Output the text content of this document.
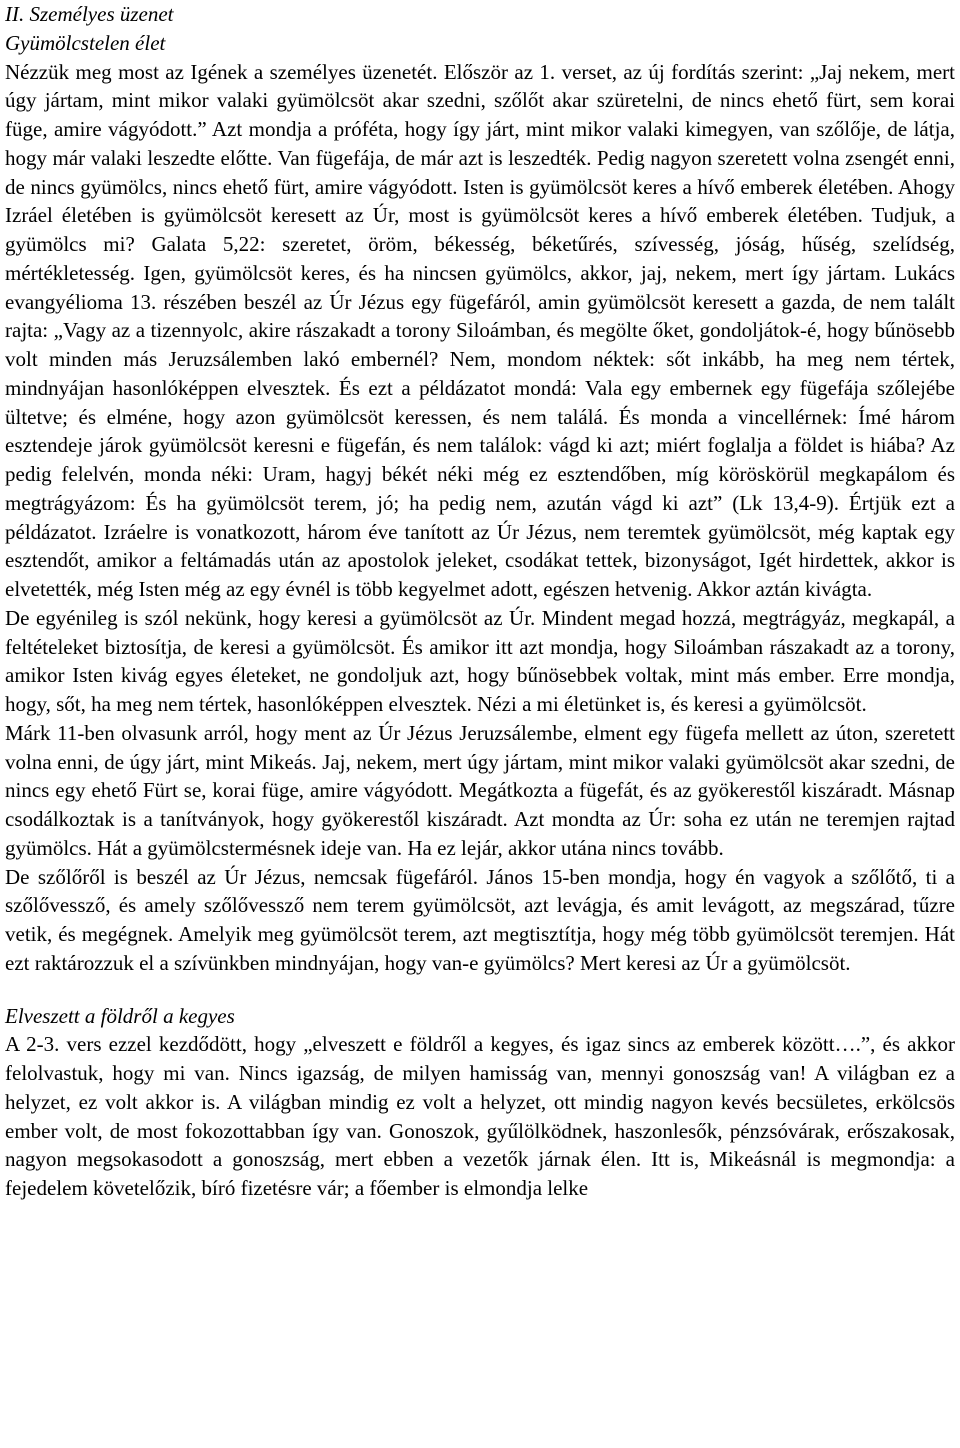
II. Személyes üzenet

Gyümölcstelen élet

Nézzük meg most az Igének a személyes üzenetét. Először az 1. verset, az új fordítás szerint: „Jaj nekem, mert úgy jártam, mint mikor valaki gyümölcsöt akar szedni, szőlőt akar szüretelni, de nincs ehető fürt, sem korai füge, amire vágyódott.” Azt mondja a próféta, hogy így járt, mint mikor valaki kimegyen, van szőlője, de látja, hogy már valaki leszedte előtte. Van fügefája, de már azt is leszedték. Pedig nagyon szeretett volna zsengét enni, de nincs gyümölcs, nincs ehető fürt, amire vágyódott. Isten is gyümölcsöt keres a hívő emberek életében. Ahogy Izráel életében is gyümölcsöt keresett az Úr, most is gyümölcsöt keres a hívő emberek életében. Tudjuk, a gyümölcs mi? Galata 5,22: szeretet, öröm, békesség, béketűrés, szívesség, jóság, hűség, szelídség, mértékletesség. Igen, gyümölcsöt keres, és ha nincsen gyümölcs, akkor, jaj, nekem, mert így jártam. Lukács evangyélioma 13. részében beszél az Úr Jézus egy fügefáról, amin gyümölcsöt keresett a gazda, de nem talált rajta: „Vagy az a tizennyolc, akire rászakadt a torony Siloámban, és megölte őket, gondoljátok-é, hogy bűnösebb volt minden más Jeruzsálemben lakó embernél? Nem, mondom néktek: sőt inkább, ha meg nem tértek, mindnyájan hasonlóképpen elvesztek. És ezt a példázatot mondá: Vala egy embernek egy fügefája szőlejébe ültetve; és elméne, hogy azon gyümölcsöt keressen, és nem találá. És monda a vincellérnek: Ímé három esztendeje járok gyümölcsöt keresni e fügefán, és nem találok: vágd ki azt; miért foglalja a földet is hiába? Az pedig felelvén, monda néki: Uram, hagyj békét néki még ez esztendőben, míg köröskörül megkapálom és megtrágyázom: És ha gyümölcsöt terem, jó; ha pedig nem, azután vágd ki azt” (Lk 13,4-9). Értjük ezt a példázatot. Izráelre is vonatkozott, három éve tanított az Úr Jézus, nem teremtek gyümölcsöt, még kaptak egy esztendőt, amikor a feltámadás után az apostolok jeleket, csodákat tettek, bizonyságot, Igét hirdettek, akkor is elvetették, még Isten még az egy évnél is több kegyelmet adott, egészen hetvenig. Akkor aztán kivágta.

De egyénileg is szól nekünk, hogy keresi a gyümölcsöt az Úr. Mindent megad hozzá, megtrágyáz, megkapál, a feltételeket biztosítja, de keresi a gyümölcsöt. És amikor itt azt mondja, hogy Siloámban rászakadt az a torony, amikor Isten kivág egyes életeket, ne gondoljuk azt, hogy bűnösebbek voltak, mint más ember. Erre mondja, hogy, sőt, ha meg nem tértek, hasonlóképpen elvesztek. Nézi a mi életünket is, és keresi a gyümölcsöt.

Márk 11-ben olvasunk arról, hogy ment az Úr Jézus Jeruzsálembe, elment egy fügefa mellett az úton, szeretett volna enni, de úgy járt, mint Mikeás. Jaj, nekem, mert úgy jártam, mint mikor valaki gyümölcsöt akar szedni, de nincs egy ehető Fürt se, korai füge, amire vágyódott. Megátkozta a fügefát, és az gyökerestől kiszáradt. Másnap csodálkoztak is a tanítványok, hogy gyökerestől kiszáradt. Azt mondta az Úr: soha ez után ne teremjen rajtad gyümölcs. Hát a gyümölcstermésnek ideje van. Ha ez lejár, akkor utána nincs tovább.

De szőlőről is beszél az Úr Jézus, nemcsak fügefáról. János 15-ben mondja, hogy én vagyok a szőlőtő, ti a szőlővessző, és amely szőlővessző nem terem gyümölcsöt, azt levágja, és amit levágott, az megszárad, tűzre vetik, és megégnek. Amelyik meg gyümölcsöt terem, azt megtisztítja, hogy még több gyümölcsöt teremjen. Hát ezt raktározzuk el a szívünkben mindnyájan, hogy van-e gyümölcs? Mert keresi az Úr a gyümölcsöt.

Elveszett a földről a kegyes

A 2-3. vers ezzel kezdődött, hogy „elveszett e földről a kegyes, és igaz sincs az emberek között….”, és akkor felolvastuk, hogy mi van. Nincs igazság, de milyen hamisság van, mennyi gonoszság van! A világban ez a helyzet, ez volt akkor is. A világban mindig ez volt a helyzet, ott mindig nagyon kevés becsületes, erkölcsös ember volt, de most fokozottabban így van. Gonoszok, gyűlölködnek, haszonlesők, pénzsóvárak, erőszakosak, nagyon megsokasodott a gonoszság, mert ebben a vezetők járnak élen. Itt is, Mikeásnál is megmondja: a fejedelem követelőzik, bíró fizetésre vár; a főember is elmondja lelke
